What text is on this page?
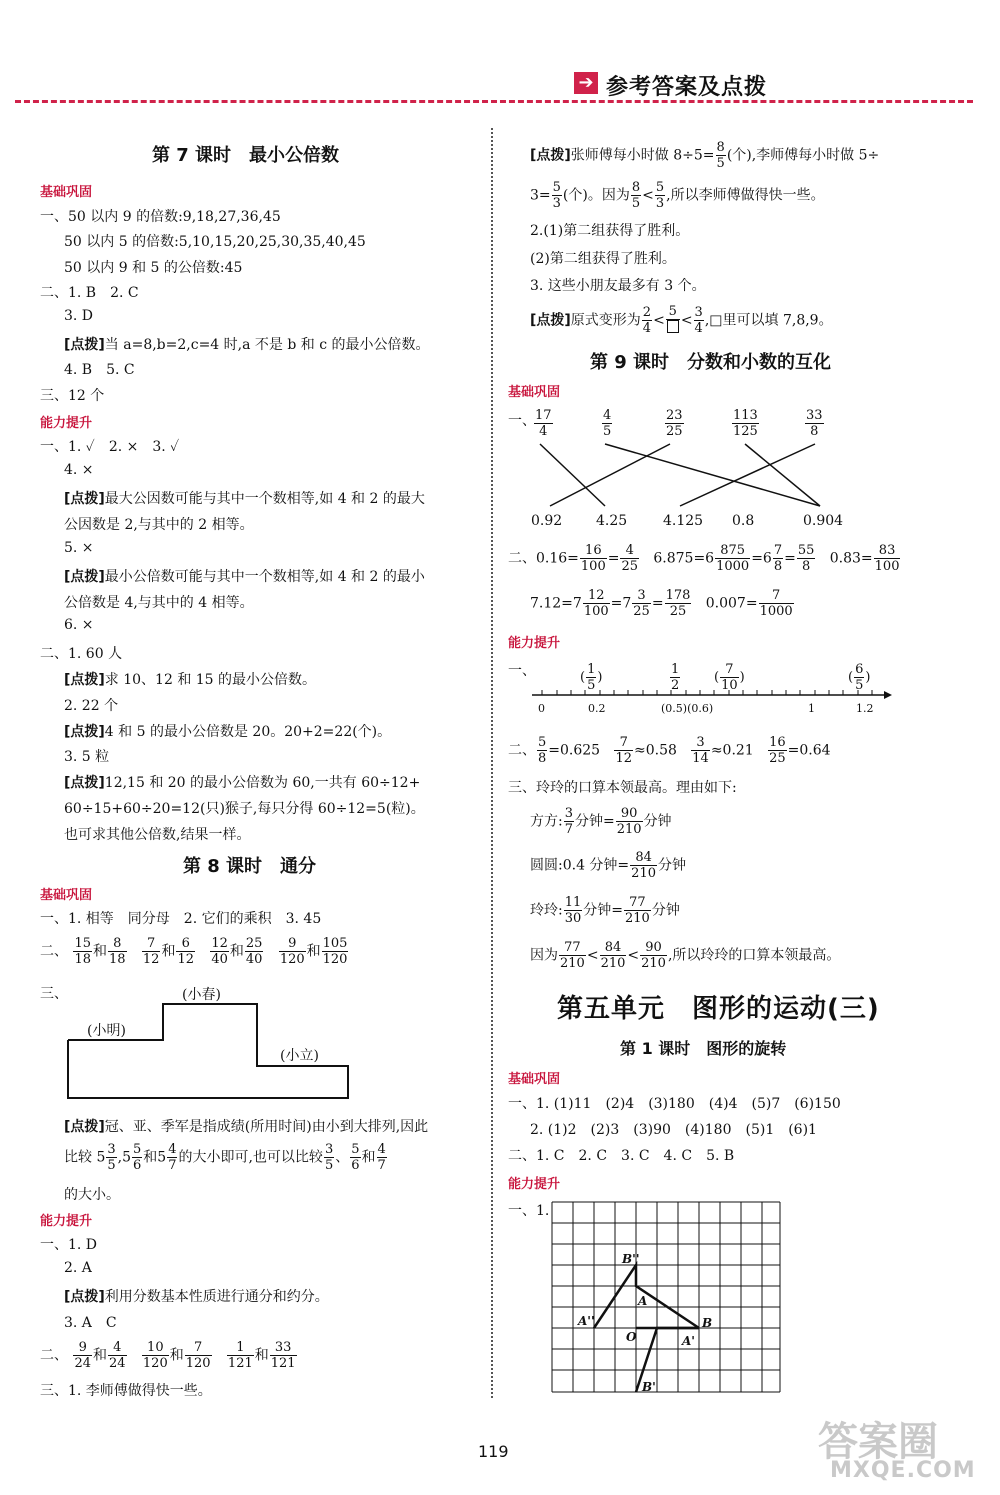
➔ 参考答案及点拨
第 7 课时　最小公倍数
基础巩固
一、50 以内 9 的倍数:9,18,27,36,45
50 以内 5 的倍数:5,10,15,20,25,30,35,40,45
50 以内 9 和 5 的公倍数:45
二、1. B　2. C
3. D
[点拨]当 a=8,b=2,c=4 时,a 不是 b 和 c 的最小公倍数。
4. B　5. C
三、12 个
能力提升
一、1. ✓　2. ×　3. ✓
4. ×
[点拨]最大公因数可能与其中一个数相等,如 4 和 2 的最大
公因数是 2,与其中的 2 相等。
5. ×
[点拨]最小公倍数可能与其中一个数相等,如 4 和 2 的最小
公倍数是 4,与其中的 4 相等。
6. ×
二、1. 60 人
[点拨]求 10、12 和 15 的最小公倍数。
2. 22 个
[点拨]4 和 5 的最小公倍数是 20。20+2=22(个)。
3. 5 粒
[点拨]12,15 和 20 的最小公倍数为 60,一共有 60÷12+
60÷15+60÷20=12(只)猴子,每只分得 60÷12=5(粒)。
也可求其他公倍数,结果一样。
第 8 课时　通分
基础巩固
一、1. 相等　同分母　2. 它们的乘积　3. 45
二、 $\frac{15}{18}$ 和 $\frac{8}{18}$
$\frac{7}{12}$ 和 $\frac{6}{12}$
$\frac{12}{40}$ 和 $\frac{25}{40}$
$\frac{9}{120}$ 和 $\frac{105}{120}$
三、	(小春)
(小明)
(小立)
[点拨]冠、亚、季军是指成绩(所用时间)由小到大排列,因此
比较 $5 \frac{3}{5} ,5 \frac{5}{6}$ 和$5 \frac{4}{7}$ 的大小即可,也可以比较 $\frac{3}{5}$ 、 $\frac{5}{6}$ 和 $\frac{4}{7}$
的大小。
能力提升
一、1. D
2. A
[点拨]利用分数基本性质进行通分和约分。
3. A　C
二、 $\frac{9}{24}$ 和 $\frac{4}{24}$
$\frac{10}{120}$ 和 $\frac{7}{120}$
$\frac{1}{121}$ 和 $\frac{33}{121}$
三、1. 李师傅做得快一些。
[点拨]张师傅每小时做 $8\div 5= \frac{8}{5}$ (个),李师傅每小时做 5÷
$3= \frac{5}{3}$ (个)。因为 $\frac{8}{5} < \frac{5}{3}$ ,所以李师傅做得快一些。
2.(1)第二组获得了胜利。
(2)第二组获得了胜利。
3. 这些小朋友最多有 3 个。
[点拨]原式变形为 $\frac{2}{4}$ <
5
< $\frac{3}{4}$ ,□里可以填 7,8,9。
第 9 课时　分数和小数的互化
基础巩固
一、
$\frac{17}{4}$	$\frac{4}{5}$	$\frac{23}{25}$	$\frac{113}{125}$	$\frac{33}{8}$
0.92 4.25	4.125 0.8	0.904
二、$0.16= \frac{16}{100} = \frac{4}{25} 6.875=6 \frac{875}{1000} =6 \frac{7}{8} = \frac{55}{8} 0.83= \frac{83}{100}$
$7.12=7 \frac{12}{100} =7 \frac{3}{25} = \frac{178}{25} 0.007= \frac{7}{1000}$
能力提升
一、	( $\frac{1}{5}$ )	$\frac{1}{2}$	( $\frac{7}{10}$ )	( $\frac{6}{5}$ )
0	0.2	(0.5)(0.6)	1	1.2
二、 $\frac{5}{8} =0.625 \frac{7}{12} \approx 0.58 \frac{3}{14} \approx 0.21 \frac{16}{25} =0.64$
三、玲玲的口算本领最高。理由如下:
方方: $\frac{3}{7}$ 分钟= $\frac{90}{210}$ 分钟
圆圆:0.4 分钟= $\frac{84}{210}$ 分钟
玲玲: $\frac{11}{30}$ 分钟= $\frac{77}{210}$ 分钟
因为 $\frac{77}{210} < \frac{84}{210} < \frac{90}{210}$ ,所以玲玲的口算本领最高。
第五单元　图形的运动(三)
第 1 课时　图形的旋转
基础巩固
一、1. (1)11　(2)4　(3)180　(4)4　(5)7　(6)150
2. (1)2　(2)3　(3)90　(4)180　(5)1　(6)1
二、1. C　2. C　3. C　4. C　5. B
能力提升
一、1.
B''
A
A''
O
B
A'
B'
119	答案圈
MXQE.COM
